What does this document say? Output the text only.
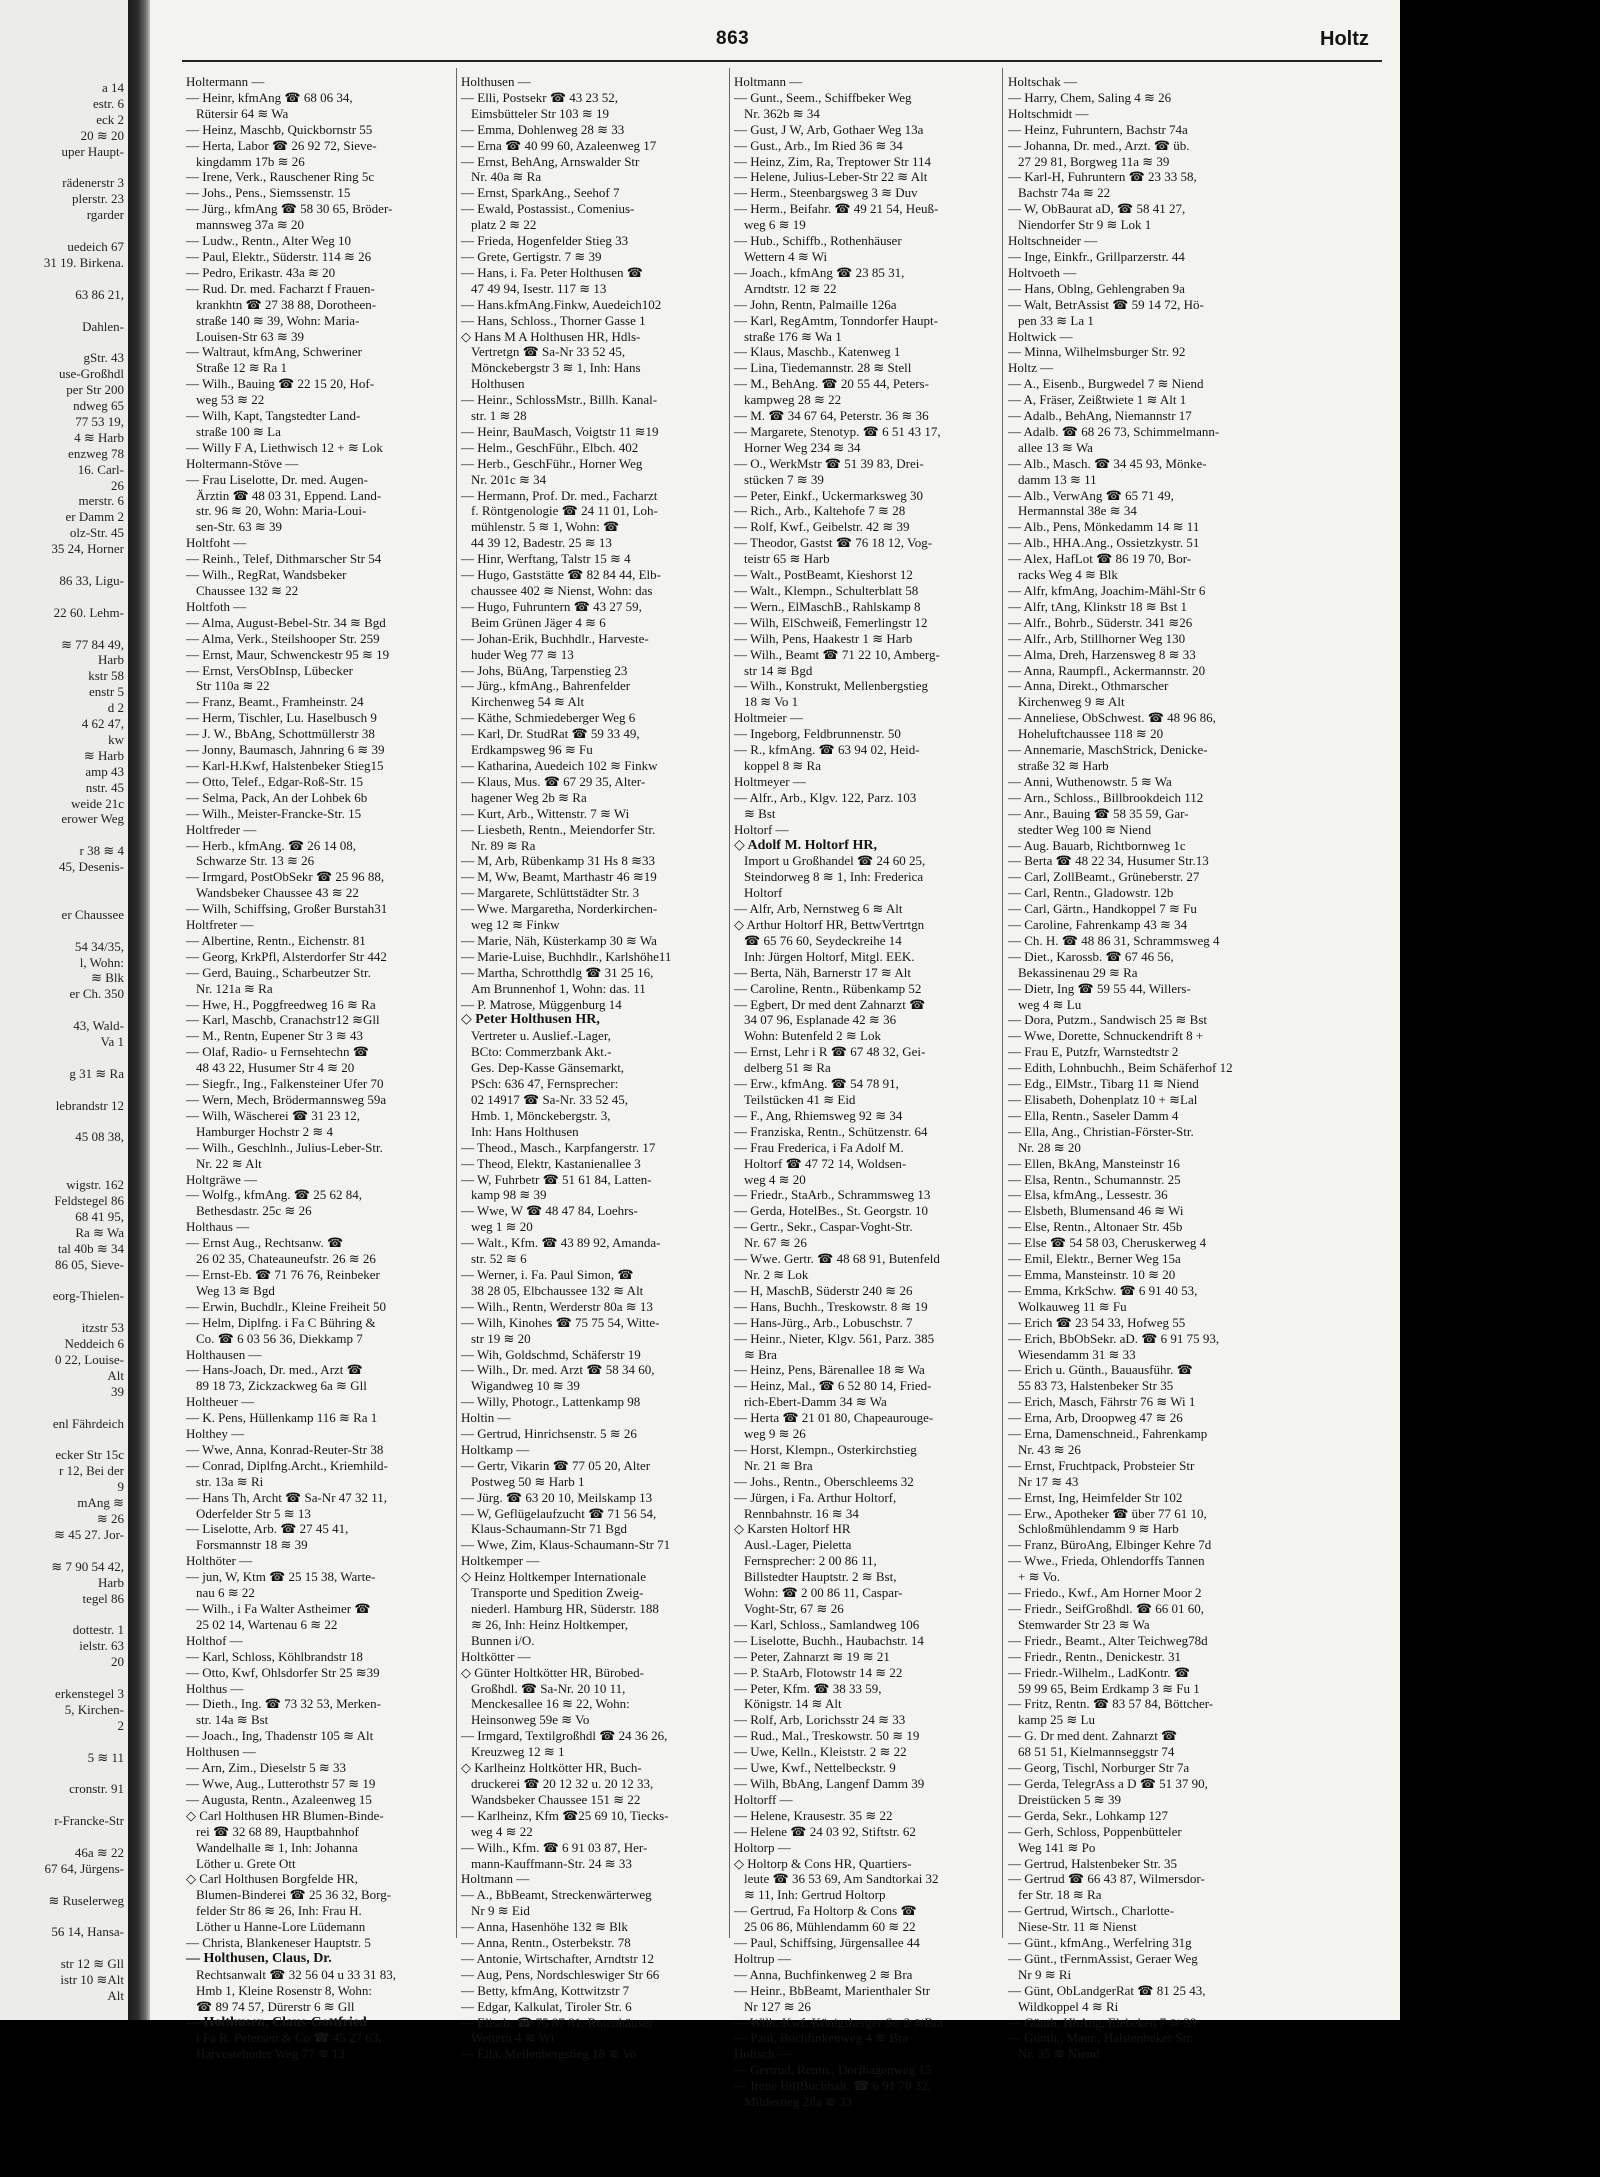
a 14
estr. 6
eck 2
20 ≋ 20
uper Haupt-
rädenerstr 3
plerstr. 23
rgarder
uedeich 67
31 19. Birkena.
63 86 21,
Dahlen-
gStr. 43
use-Großhdl
per Str 200
ndweg 65
77 53 19,
4 ≋ Harb
enzweg 78
16. Carl-
26
merstr. 6
er Damm 2
olz-Str. 45
35 24, Horner
86 33, Ligu-
22 60. Lehm-
≋ 77 84 49,
Harb
kstr 58
enstr 5
d 2
4 62 47,
kw
≋ Harb
amp 43
nstr. 45
weide 21c
erower Weg
r 38 ≋ 4
45, Desenis-
er Chaussee
54 34/35,
l, Wohn:
≋ Blk
er Ch. 350
43, Wald-
Va 1
g 31 ≋ Ra
lebrandstr 12
45 08 38,
wigstr. 162
Feldstegel 86
68 41 95,
Ra ≋ Wa
tal 40b ≋ 34
86 05, Sieve-
eorg-Thielen-
itzstr 53
Neddeich 6
0 22, Louise-
Alt
39
enl Fährdeich
ecker Str 15c
r 12, Bei der
9
mAng ≋
≋ 26
≋ 45 27. Jor-
≋ 7 90 54 42,
Harb
tegel 86
dottestr. 1
ielstr. 63
20
erkenstegel 3
5, Kirchen-
2
5 ≋ 11
cronstr. 91
r-Francke-Str
46a ≋ 22
67 64, Jürgens-
≋ Ruselerweg
56 14, Hansa-
str 12 ≋ Gll
istr 10 ≋Alt
Alt
863	Holtz
Holtermann —
— Heinr, kfmAng ☎ 68 06 34,
Rütersir 64 ≋ Wa
— Heinz, Maschb, Quickbornstr 55
— Herta, Labor ☎ 26 92 72, Sieve-
kingdamm 17b ≋ 26
— Irene, Verk., Rauschener Ring 5c
— Johs., Pens., Siemssenstr. 15
— Jürg., kfmAng ☎ 58 30 65, Bröder-
mannsweg 37a ≋ 20
— Ludw., Rentn., Alter Weg 10
— Paul, Elektr., Süderstr. 114 ≋ 26
— Pedro, Erikastr. 43a ≋ 20
— Rud. Dr. med. Facharzt f Frauen-
krankhtn ☎ 27 38 88, Dorotheen-
straße 140 ≋ 39, Wohn: Maria-
Louisen-Str 63 ≋ 39
— Waltraut, kfmAng, Schweriner
Straße 12 ≋ Ra 1
— Wilh., Bauing ☎ 22 15 20, Hof-
weg 53 ≋ 22
— Wilh, Kapt, Tangstedter Land-
straße 100 ≋ La
— Willy F A, Liethwisch 12 + ≋ Lok
Holtermann-Stöve —
— Frau Liselotte, Dr. med. Augen-
Ärztin ☎ 48 03 31, Eppend. Land-
str. 96 ≋ 20, Wohn: Maria-Loui-
sen-Str. 63 ≋ 39
Holtfoht —
— Reinh., Telef, Dithmarscher Str 54
— Wilh., RegRat, Wandsbeker
Chaussee 132 ≋ 22
Holtfoth —
— Alma, August-Bebel-Str. 34 ≋ Bgd
— Alma, Verk., Steilshooper Str. 259
— Ernst, Maur, Schwenckestr 95 ≋ 19
— Ernst, VersObInsp, Lübecker
Str 110a ≋ 22
— Franz, Beamt., Framheinstr. 24
— Herm, Tischler, Lu. Haselbusch 9
— J. W., BbAng, Schottmüllerstr 38
— Jonny, Baumasch, Jahnring 6 ≋ 39
— Karl-H.Kwf, Halstenbeker Stieg15
— Otto, Telef., Edgar-Roß-Str. 15
— Selma, Pack, An der Lohbek 6b
— Wilh., Meister-Francke-Str. 15
Holtfreder —
— Herb., kfmAng. ☎ 26 14 08,
Schwarze Str. 13 ≋ 26
— Irmgard, PostObSekr ☎ 25 96 88,
Wandsbeker Chaussee 43 ≋ 22
— Wilh, Schiffsing, Großer Burstah31
Holtfreter —
— Albertine, Rentn., Eichenstr. 81
— Georg, KrkPfl, Alsterdorfer Str 442
— Gerd, Bauing., Scharbeutzer Str.
Nr. 121a ≋ Ra
— Hwe, H., Poggfreedweg 16 ≋ Ra
— Karl, Maschb, Cranachstr12 ≋Gll
— M., Rentn, Eupener Str 3 ≋ 43
— Olaf, Radio- u Fernsehtechn ☎
48 43 22, Husumer Str 4 ≋ 20
— Siegfr., Ing., Falkensteiner Ufer 70
— Wern, Mech, Brödermannsweg 59a
— Wilh, Wäscherei ☎ 31 23 12,
Hamburger Hochstr 2 ≋ 4
— Wilh., Geschlnh., Julius-Leber-Str.
Nr. 22 ≋ Alt
Holtgräwe —
— Wolfg., kfmAng. ☎ 25 62 84,
Bethesdastr. 25c ≋ 26
Holthaus —
— Ernst Aug., Rechtsanw. ☎
26 02 35, Chateauneufstr. 26 ≋ 26
— Ernst-Eb. ☎ 71 76 76, Reinbeker
Weg 13 ≋ Bgd
— Erwin, Buchdlr., Kleine Freiheit 50
— Helm, Diplfng. i Fa C Bühring &
Co. ☎ 6 03 56 36, Diekkamp 7
Holthausen —
— Hans-Joach, Dr. med., Arzt ☎
89 18 73, Zickzackweg 6a ≋ Gll
Holtheuer —
— K. Pens, Hüllenkamp 116 ≋ Ra 1
Holthey —
— Wwe, Anna, Konrad-Reuter-Str 38
— Conrad, Diplfng.Archt., Kriemhild-
str. 13a ≋ Ri
— Hans Th, Archt ☎ Sa-Nr 47 32 11,
Oderfelder Str 5 ≋ 13
— Liselotte, Arb. ☎ 27 45 41,
Forsmannstr 18 ≋ 39
Holthöter —
— jun, W, Ktm ☎ 25 15 38, Warte-
nau 6 ≋ 22
— Wilh., i Fa Walter Astheimer ☎
25 02 14, Wartenau 6 ≋ 22
Holthof —
— Karl, Schloss, Köhlbrandstr 18
— Otto, Kwf, Ohlsdorfer Str 25 ≋39
Holthus —
— Dieth., Ing. ☎ 73 32 53, Merken-
str. 14a ≋ Bst
— Joach., Ing, Thadenstr 105 ≋ Alt
Holthusen —
— Arn, Zim., Dieselstr 5 ≋ 33
— Wwe, Aug., Lutterothstr 57 ≋ 19
— Augusta, Rentn., Azaleenweg 15
◇ Carl Holthusen HR Blumen-Binde-
rei ☎ 32 68 89, Hauptbahnhof
Wandelhalle ≋ 1, Inh: Johanna
Löther u. Grete Ott
◇ Carl Holthusen Borgfelde HR,
Blumen-Binderei ☎ 25 36 32, Borg-
felder Str 86 ≋ 26, Inh: Frau H.
Löther u Hanne-Lore Lüdemann
— Christa, Blankeneser Hauptstr. 5
— Holthusen, Claus, Dr.
Rechtsanwalt ☎ 32 56 04 u 33 31 83,
Hmb 1, Kleine Rosenstr 8, Wohn:
☎ 89 74 57, Dürerstr 6 ≋ Gll
— Holthusen, Claus-Gottfried
i Fa R. Petersen & Co ☎ 45 27 63,
Harvestehuder Weg 77 ≋ 13
Holthusen —
— Elli, Postsekr ☎ 43 23 52,
Eimsbütteler Str 103 ≋ 19
— Emma, Dohlenweg 28 ≋ 33
— Erna ☎ 40 99 60, Azaleenweg 17
— Ernst, BehAng, Arnswalder Str
Nr. 40a ≋ Ra
— Ernst, SparkAng., Seehof 7
— Ewald, Postassist., Comenius-
platz 2 ≋ 22
— Frieda, Hogenfelder Stieg 33
— Grete, Gertigstr. 7 ≋ 39
— Hans, i. Fa. Peter Holthusen ☎
47 49 94, Isestr. 117 ≋ 13
— Hans.kfmAng.Finkw, Auedeich102
— Hans, Schloss., Thorner Gasse 1
◇ Hans M A Holthusen HR, Hdls-
Vertretgn ☎ Sa-Nr 33 52 45,
Mönckebergstr 3 ≋ 1, Inh: Hans
Holthusen
— Heinr., SchlossMstr., Billh. Kanal-
str. 1 ≋ 28
— Heinr, BauMasch, Voigtstr 11 ≋19
— Helm., GeschFühr., Elbch. 402
— Herb., GeschFühr., Horner Weg
Nr. 201c ≋ 34
— Hermann, Prof. Dr. med., Facharzt
f. Röntgenologie ☎ 24 11 01, Loh-
mühlenstr. 5 ≋ 1, Wohn: ☎
44 39 12, Badestr. 25 ≋ 13
— Hinr, Werftang, Talstr 15 ≋ 4
— Hugo, Gaststätte ☎ 82 84 44, Elb-
chaussee 402 ≋ Nienst, Wohn: das
— Hugo, Fuhruntern ☎ 43 27 59,
Beim Grünen Jäger 4 ≋ 6
— Johan-Erik, Buchhdlr., Harveste-
huder Weg 77 ≋ 13
— Johs, BüAng, Tarpenstieg 23
— Jürg., kfmAng., Bahrenfelder
Kirchenweg 54 ≋ Alt
— Käthe, Schmiedeberger Weg 6
— Karl, Dr. StudRat ☎ 59 33 49,
Erdkampsweg 96 ≋ Fu
— Katharina, Auedeich 102 ≋ Finkw
— Klaus, Mus. ☎ 67 29 35, Alter-
hagener Weg 2b ≋ Ra
— Kurt, Arb., Wittenstr. 7 ≋ Wi
— Liesbeth, Rentn., Meiendorfer Str.
Nr. 89 ≋ Ra
— M, Arb, Rübenkamp 31 Hs 8 ≋33
— M, Ww, Beamt, Marthastr 46 ≋19
— Margarete, Schlüttstädter Str. 3
— Wwe. Margaretha, Norderkirchen-
weg 12 ≋ Finkw
— Marie, Näh, Küsterkamp 30 ≋ Wa
— Marie-Luise, Buchhdlr., Karlshöhe11
— Martha, Schrotthdlg ☎ 31 25 16,
Am Brunnenhof 1, Wohn: das. 11
— P. Matrose, Müggenburg 14
◇ Peter Holthusen HR,
Vertreter u. Auslief.-Lager,
BCto: Commerzbank Akt.-
Ges. Dep-Kasse Gänsemarkt,
PSch: 636 47, Fernsprecher:
02 14917 ☎ Sa-Nr. 33 52 45,
Hmb. 1, Mönckebergstr. 3,
Inh: Hans Holthusen
— Theod., Masch., Karpfangerstr. 17
— Theod, Elektr, Kastanienallee 3
— W, Fuhrbetr ☎ 51 61 84, Latten-
kamp 98 ≋ 39
— Wwe, W ☎ 48 47 84, Loehrs-
weg 1 ≋ 20
— Walt., Kfm. ☎ 43 89 92, Amanda-
str. 52 ≋ 6
— Werner, i. Fa. Paul Simon, ☎
38 28 05, Elbchaussee 132 ≋ Alt
— Wilh., Rentn, Werderstr 80a ≋ 13
— Wilh, Kinohes ☎ 75 75 54, Witte-
str 19 ≋ 20
— Wih, Goldschmd, Schäferstr 19
— Wilh., Dr. med. Arzt ☎ 58 34 60,
Wigandweg 10 ≋ 39
— Willy, Photogr., Lattenkamp 98
Holtin —
— Gertrud, Hinrichsenstr. 5 ≋ 26
Holtkamp —
— Gertr, Vikarin ☎ 77 05 20, Alter
Postweg 50 ≋ Harb 1
— Jürg. ☎ 63 20 10, Meilskamp 13
— W, Geflügelaufzucht ☎ 71 56 54,
Klaus-Schaumann-Str 71 Bgd
— Wwe, Zim, Klaus-Schaumann-Str 71
Holtkemper —
◇ Heinz Holtkemper Internationale
Transporte und Spedition Zweig-
niederl. Hamburg HR, Süderstr. 188
≋ 26, Inh: Heinz Holtkemper,
Bunnen i/O.
Holtkötter —
◇ Günter Holtkötter HR, Bürobed-
Großhdl. ☎ Sa-Nr. 20 10 11,
Menckesallee 16 ≋ 22, Wohn:
Heinsonweg 59e ≋ Vo
— Irmgard, Textilgroßhdl ☎ 24 36 26,
Kreuzweg 12 ≋ 1
◇ Karlheinz Holtkötter HR, Buch-
druckerei ☎ 20 12 32 u. 20 12 33,
Wandsbeker Chaussee 151 ≋ 22
— Karlheinz, Kfm ☎25 69 10, Tiecks-
weg 4 ≋ 22
— Wilh., Kfm. ☎ 6 91 03 87, Her-
mann-Kauffmann-Str. 24 ≋ 33
Holtmann —
— A., BbBeamt, Streckenwärterweg
Nr 9 ≋ Eid
— Anna, Hasenhöhe 132 ≋ Blk
— Anna, Rentn., Osterbekstr. 78
— Antonie, Wirtschafter, Arndtstr 12
— Aug, Pens, Nordschleswiger Str 66
— Betty, kfmAng, Kottwitzstr 7
— Edgar, Kalkulat, Tiroler Str. 6
— Elisab. ☎ 75 87 81, Rotenhäuser
Wettern 4 ≋ Wi
— Ella, Mellenbergstieg 18 ≋ Vo
Holtmann —
— Gunt., Seem., Schiffbeker Weg
Nr. 362b ≋ 34
— Gust, J W, Arb, Gothaer Weg 13a
— Gust., Arb., Im Ried 36 ≋ 34
— Heinz, Zim, Ra, Treptower Str 114
— Helene, Julius-Leber-Str 22 ≋ Alt
— Herm., Steenbargsweg 3 ≋ Duv
— Herm., Beifahr. ☎ 49 21 54, Heuß-
weg 6 ≋ 19
— Hub., Schiffb., Rothenhäuser
Wettern 4 ≋ Wi
— Joach., kfmAng ☎ 23 85 31,
Arndtstr. 12 ≋ 22
— John, Rentn, Palmaille 126a
— Karl, RegAmtm, Tonndorfer Haupt-
straße 176 ≋ Wa 1
— Klaus, Maschb., Katenweg 1
— Lina, Tiedemannstr. 28 ≋ Stell
— M., BehAng. ☎ 20 55 44, Peters-
kampweg 28 ≋ 22
— M. ☎ 34 67 64, Peterstr. 36 ≋ 36
— Margarete, Stenotyp. ☎ 6 51 43 17,
Horner Weg 234 ≋ 34
— O., WerkMstr ☎ 51 39 83, Drei-
stücken 7 ≋ 39
— Peter, Einkf., Uckermarksweg 30
— Rich., Arb., Kaltehofe 7 ≋ 28
— Rolf, Kwf., Geibelstr. 42 ≋ 39
— Theodor, Gastst ☎ 76 18 12, Vog-
teistr 65 ≋ Harb
— Walt., PostBeamt, Kieshorst 12
— Walt., Klempn., Schulterblatt 58
— Wern., ElMaschB., Rahlskamp 8
— Wilh, ElSchweiß, Femerlingstr 12
— Wilh, Pens, Haakestr 1 ≋ Harb
— Wilh., Beamt ☎ 71 22 10, Amberg-
str 14 ≋ Bgd
— Wilh., Konstrukt, Mellenbergstieg
18 ≋ Vo 1
Holtmeier —
— Ingeborg, Feldbrunnenstr. 50
— R., kfmAng. ☎ 63 94 02, Heid-
koppel 8 ≋ Ra
Holtmeyer —
— Alfr., Arb., Klgv. 122, Parz. 103
≋ Bst
Holtorf —
◇ Adolf M. Holtorf HR,
Import u Großhandel ☎ 24 60 25,
Steindorweg 8 ≋ 1, Inh: Frederica
Holtorf
— Alfr, Arb, Nernstweg 6 ≋ Alt
◇ Arthur Holtorf HR, BettwVertrtgn
☎ 65 76 60, Seydeckreihe 14
Inh: Jürgen Holtorf, Mitgl. EEK.
— Berta, Näh, Barnerstr 17 ≋ Alt
— Caroline, Rentn., Rübenkamp 52
— Egbert, Dr med dent Zahnarzt ☎
34 07 96, Esplanade 42 ≋ 36
Wohn: Butenfeld 2 ≋ Lok
— Ernst, Lehr i R ☎ 67 48 32, Gei-
delberg 51 ≋ Ra
— Erw., kfmAng. ☎ 54 78 91,
Teilstücken 41 ≋ Eid
— F., Ang, Rhiemsweg 92 ≋ 34
— Franziska, Rentn., Schützenstr. 64
— Frau Frederica, i Fa Adolf M.
Holtorf ☎ 47 72 14, Woldsen-
weg 4 ≋ 20
— Friedr., StaArb., Schrammsweg 13
— Gerda, HotelBes., St. Georgstr. 10
— Gertr., Sekr., Caspar-Voght-Str.
Nr. 67 ≋ 26
— Wwe. Gertr. ☎ 48 68 91, Butenfeld
Nr. 2 ≋ Lok
— H, MaschB, Süderstr 240 ≋ 26
— Hans, Buchh., Treskowstr. 8 ≋ 19
— Hans-Jürg., Arb., Lobuschstr. 7
— Heinr., Nieter, Klgv. 561, Parz. 385
≋ Bra
— Heinz, Pens, Bärenallee 18 ≋ Wa
— Heinz, Mal., ☎ 6 52 80 14, Fried-
rich-Ebert-Damm 34 ≋ Wa
— Herta ☎ 21 01 80, Chapeaurouge-
weg 9 ≋ 26
— Horst, Klempn., Osterkirchstieg
Nr. 21 ≋ Bra
— Johs., Rentn., Oberschleems 32
— Jürgen, i Fa. Arthur Holtorf,
Rennbahnstr. 16 ≋ 34
◇ Karsten Holtorf HR
Ausl.-Lager, Pieletta
Fernsprecher: 2 00 86 11,
Billstedter Hauptstr. 2 ≋ Bst,
Wohn: ☎ 2 00 86 11, Caspar-
Voght-Str, 67 ≋ 26
— Karl, Schloss., Samlandweg 106
— Liselotte, Buchh., Haubachstr. 14
— Peter, Zahnarzt ≋ 19 ≋ 21
— P. StaArb, Flotowstr 14 ≋ 22
— Peter, Kfm. ☎ 38 33 59,
Königstr. 14 ≋ Alt
— Rolf, Arb, Lorichsstr 24 ≋ 33
— Rud., Mal., Treskowstr. 50 ≋ 19
— Uwe, Kelln., Kleiststr. 2 ≋ 22
— Uwe, Kwf., Nettelbeckstr. 9
— Wilh, BbAng, Langenf Damm 39
Holtorff —
— Helene, Krausestr. 35 ≋ 22
— Helene ☎ 24 03 92, Stiftstr. 62
Holtorp —
◇ Holtorp & Cons HR, Quartiers-
leute ☎ 36 53 69, Am Sandtorkai 32
≋ 11, Inh: Gertrud Holtorp
— Gertrud, Fa Holtorp & Cons ☎
25 06 86, Mühlendamm 60 ≋ 22
— Paul, Schiffsing, Jürgensallee 44
Holtrup —
— Anna, Buchfinkenweg 2 ≋ Bra
— Heinr., BbBeamt, Marienthaler Str
Nr 127 ≋ 26
— Wilh. Kwf, Königsberger Str 2 ≋Bra
— Paul, Buchfinkenweg 4 ≋ Bra
Holtsch —
— Gertrud, Rentn., Dorfhagenweg 15
— Irene BillBuchhalt. ☎ 6 91 70 32,
Mildestieg 28a ≋ 33
Holtschak —
— Harry, Chem, Saling 4 ≋ 26
Holtschmidt —
— Heinz, Fuhruntern, Bachstr 74a
— Johanna, Dr. med., Arzt. ☎ üb.
27 29 81, Borgweg 11a ≋ 39
— Karl-H, Fuhruntern ☎ 23 33 58,
Bachstr 74a ≋ 22
— W, ObBaurat aD, ☎ 58 41 27,
Niendorfer Str 9 ≋ Lok 1
Holtschneider —
— Inge, Einkfr., Grillparzerstr. 44
Holtvoeth —
— Hans, Oblng, Gehlengraben 9a
— Walt, BetrAssist ☎ 59 14 72, Hö-
pen 33 ≋ La 1
Holtwick —
— Minna, Wilhelmsburger Str. 92
Holtz —
— A., Eisenb., Burgwedel 7 ≋ Niend
— A, Fräser, Zeißtwiete 1 ≋ Alt 1
— Adalb., BehAng, Niemannstr 17
— Adalb. ☎ 68 26 73, Schimmelmann-
allee 13 ≋ Wa
— Alb., Masch. ☎ 34 45 93, Mönke-
damm 13 ≋ 11
— Alb., VerwAng ☎ 65 71 49,
Hermannstal 38e ≋ 34
— Alb., Pens, Mönkedamm 14 ≋ 11
— Alb., HHA.Ang., Ossietzkystr. 51
— Alex, HafLot ☎ 86 19 70, Bor-
racks Weg 4 ≋ Blk
— Alfr, kfmAng, Joachim-Mähl-Str 6
— Alfr, tAng, Klinkstr 18 ≋ Bst 1
— Alfr., Bohrb., Süderstr. 341 ≋26
— Alfr., Arb, Stillhorner Weg 130
— Alma, Dreh, Harzensweg 8 ≋ 33
— Anna, Raumpfl., Ackermannstr. 20
— Anna, Direkt., Othmarscher
Kirchenweg 9 ≋ Alt
— Anneliese, ObSchwest. ☎ 48 96 86,
Hoheluftchaussee 118 ≋ 20
— Annemarie, MaschStrick, Denicke-
straße 32 ≋ Harb
— Anni, Wuthenowstr. 5 ≋ Wa
— Arn., Schloss., Billbrookdeich 112
— Anr., Bauing ☎ 58 35 59, Gar-
stedter Weg 100 ≋ Niend
— Aug. Bauarb, Richtbornweg 1c
— Berta ☎ 48 22 34, Husumer Str.13
— Carl, ZollBeamt., Grüneberstr. 27
— Carl, Rentn., Gladowstr. 12b
— Carl, Gärtn., Handkoppel 7 ≋ Fu
— Caroline, Fahrenkamp 43 ≋ 34
— Ch. H. ☎ 48 86 31, Schrammsweg 4
— Diet., Karossb. ☎ 67 46 56,
Bekassinenau 29 ≋ Ra
— Dietr, Ing ☎ 59 55 44, Willers-
weg 4 ≋ Lu
— Dora, Putzm., Sandwisch 25 ≋ Bst
— Wwe, Dorette, Schnuckendrift 8 +
— Frau E, Putzfr, Warnstedtstr 2
— Edith, Lohnbuchh., Beim Schäferhof 12
— Edg., ElMstr., Tibarg 11 ≋ Niend
— Elisabeth, Dohenplatz 10 + ≋Lal
— Ella, Rentn., Saseler Damm 4
— Ella, Ang., Christian-Förster-Str.
Nr. 28 ≋ 20
— Ellen, BkAng, Mansteinstr 16
— Elsa, Rentn., Schumannstr. 25
— Elsa, kfmAng., Lessestr. 36
— Elsbeth, Blumensand 46 ≋ Wi
— Else, Rentn., Altonaer Str. 45b
— Else ☎ 54 58 03, Cheruskerweg 4
— Emil, Elektr., Berner Weg 15a
— Emma, Mansteinstr. 10 ≋ 20
— Emma, KrkSchw. ☎ 6 91 40 53,
Wolkauweg 11 ≋ Fu
— Erich ☎ 23 54 33, Hofweg 55
— Erich, BbObSekr. aD. ☎ 6 91 75 93,
Wiesendamm 31 ≋ 33
— Erich u. Günth., Bauausführ. ☎
55 83 73, Halstenbeker Str 35
— Erich, Masch, Fährstr 76 ≋ Wi 1
— Erna, Arb, Droopweg 47 ≋ 26
— Erna, Damenschneid., Fahrenkamp
Nr. 43 ≋ 26
— Ernst, Fruchtpack, Probsteier Str
Nr 17 ≋ 43
— Ernst, Ing, Heimfelder Str 102
— Erw., Apotheker ☎ über 77 61 10,
Schloßmühlendamm 9 ≋ Harb
— Franz, BüroAng, Elbinger Kehre 7d
— Wwe., Frieda, Ohlendorffs Tannen
+ ≋ Vo.
— Friedo., Kwf., Am Horner Moor 2
— Friedr., SeifGroßhdl. ☎ 66 01 60,
Stemwarder Str 23 ≋ Wa
— Friedr., Beamt., Alter Teichweg78d
— Friedr., Rentn., Denickestr. 31
— Friedr.-Wilhelm., LadKontr. ☎
59 99 65, Beim Erdkamp 3 ≋ Fu 1
— Fritz, Rentn. ☎ 83 57 84, Böttcher-
kamp 25 ≋ Lu
— G. Dr med dent. Zahnarzt ☎
68 51 51, Kielmannseggstr 74
— Georg, Tischl, Norburger Str 7a
— Gerda, TelegrAss a D ☎ 51 37 90,
Dreistücken 5 ≋ 39
— Gerda, Sekr., Lohkamp 127
— Gerh, Schloss, Poppenbütteler
Weg 141 ≋ Po
— Gertrud, Halstenbeker Str. 35
— Gertrud ☎ 66 43 87, Wilmersdor-
fer Str. 18 ≋ Ra
— Gertrud, Wirtsch., Charlotte-
Niese-Str. 11 ≋ Nienst
— Günt., kfmAng., Werfelring 31g
— Günt., tFernmAssist, Geraer Weg
Nr 9 ≋ Ri
— Günt, ObLandgerRat ☎ 81 25 43,
Wildkoppel 4 ≋ Ri
— Günth, HbAng, Elebeken 7 ≋ 39
— Günth., Maur., Halstenbeker Str.
Nr. 35 ≋ Niend
